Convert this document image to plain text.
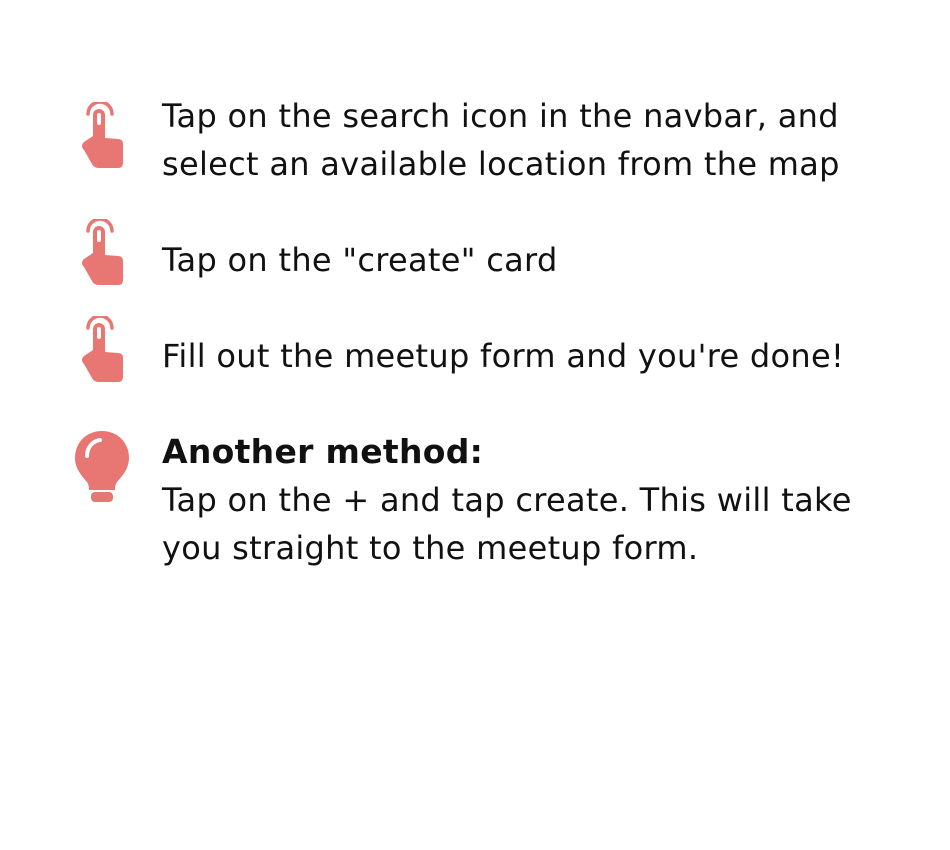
Tap on the search icon in the navbar, and
select an available location from the map
Tap on the "create" card
Fill out the meetup form and you're done!
Another method:
Tap on the + and tap create. This will take
you straight to the meetup form.
